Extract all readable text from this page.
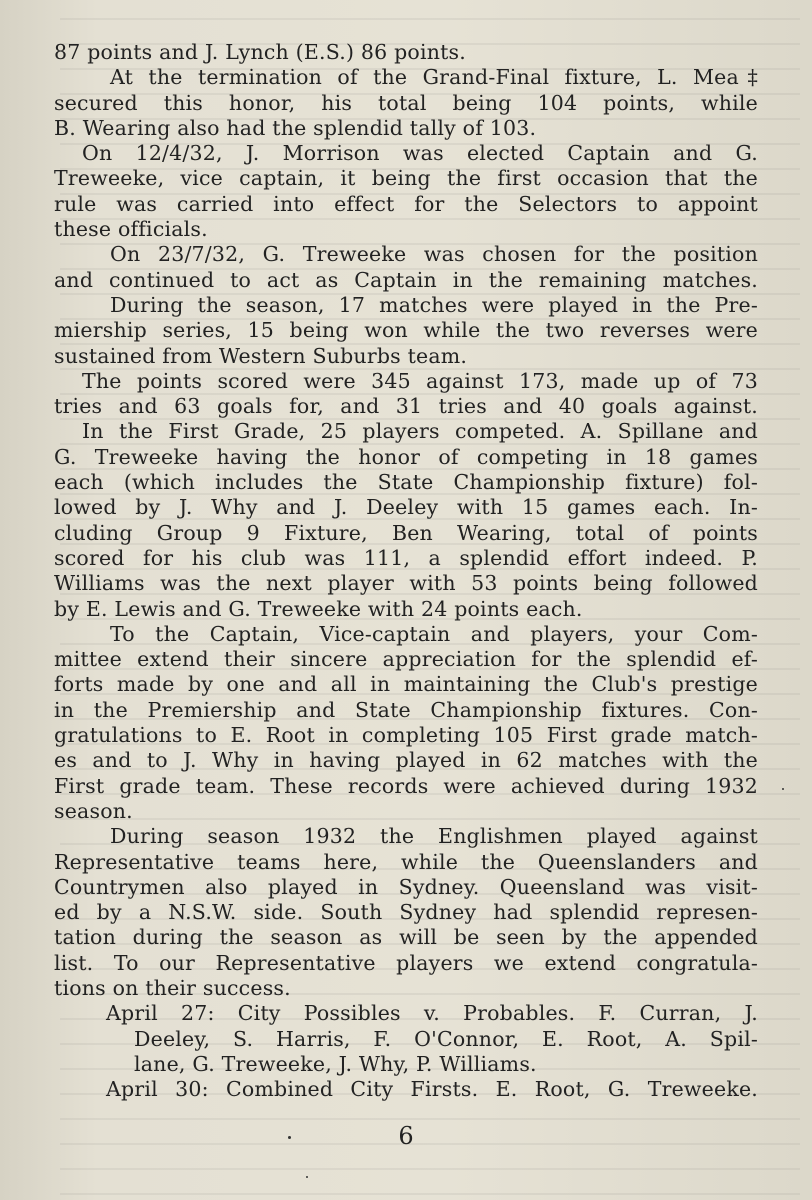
87 points and J. Lynch (E.S.) 86 points.
At the termination of the Grand-Final fixture, L. Mea‡
secured this honor, his total being 104 points, while
B. Wearing also had the splendid tally of 103.
On 12/4/32, J. Morrison was elected Captain and G.
Treweeke, vice captain, it being the first occasion that the
rule was carried into effect for the Selectors to appoint
these officials.
On 23/7/32, G. Treweeke was chosen for the position
and continued to act as Captain in the remaining matches.
During the season, 17 matches were played in the Pre-
miership series, 15 being won while the two reverses were
sustained from Western Suburbs team.
The points scored were 345 against 173, made up of 73
tries and 63 goals for, and 31 tries and 40 goals against.
In the First Grade, 25 players competed. A. Spillane and
G. Treweeke having the honor of competing in 18 games
each (which includes the State Championship fixture) fol-
lowed by J. Why and J. Deeley with 15 games each. In-
cluding Group 9 Fixture, Ben Wearing, total of points
scored for his club was 111, a splendid effort indeed. P.
Williams was the next player with 53 points being followed
by E. Lewis and G. Treweeke with 24 points each.
To the Captain, Vice-captain and players, your Com-
mittee extend their sincere appreciation for the splendid ef-
forts made by one and all in maintaining the Club's prestige
in the Premiership and State Championship fixtures. Con-
gratulations to E. Root in completing 105 First grade match-
es and to J. Why in having played in 62 matches with the
First grade team. These records were achieved during 1932
season.
During season 1932 the Englishmen played against
Representative teams here, while the Queenslanders and
Countrymen also played in Sydney. Queensland was visit-
ed by a N.S.W. side. South Sydney had splendid represen-
tation during the season as will be seen by the appended
list. To our Representative players we extend congratula-
tions on their success.
April 27: City Possibles v. Probables. F. Curran, J.
Deeley, S. Harris, F. O'Connor, E. Root, A. Spil-
lane, G. Treweeke, J. Why, P. Williams.
April 30: Combined City Firsts. E. Root, G. Treweeke.
6
